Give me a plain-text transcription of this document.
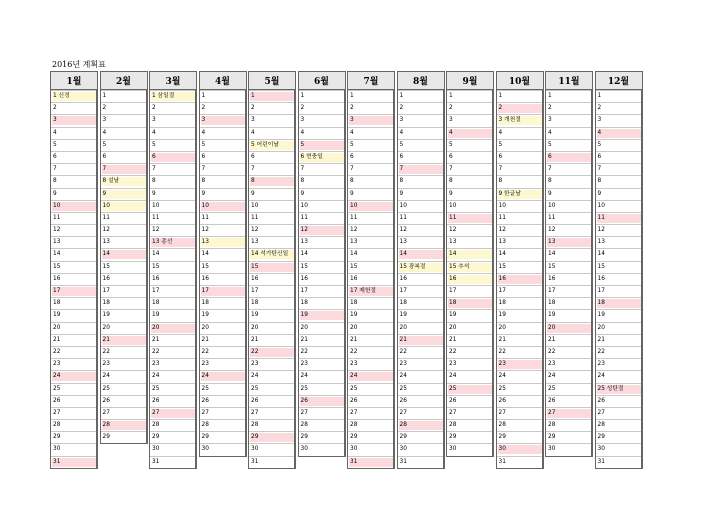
2016년 계획표
1월
1 신정
2
3
4
5
6
7
8
9
10
11
12
13
14
15
16
17
18
19
20
21
22
23
24
25
26
27
28
29
30
31
2월
1
2
3
4
5
6
7
8 설날
9
10
11
12
13
14
15
16
17
18
19
20
21
22
23
24
25
26
27
28
29
3월
1 삼일절
2
3
4
5
6
7
8
9
10
11
12
13 총선
14
15
16
17
18
19
20
21
22
23
24
25
26
27
28
29
30
31
4월
1
2
3
4
5
6
7
8
9
10
11
12
13
14
15
16
17
18
19
20
21
22
23
24
25
26
27
28
29
30
5월
1
2
3
4
5 어린이날
6
7
8
9
10
11
12
13
14 석가탄신일
15
16
17
18
19
20
21
22
23
24
25
26
27
28
29
30
31
6월
1
2
3
4
5
6 현충일
7
8
9
10
11
12
13
14
15
16
17
18
19
20
21
22
23
24
25
26
27
28
29
30
7월
1
2
3
4
5
6
7
8
9
10
11
12
13
14
15
16
17 제헌절
18
19
20
21
22
23
24
25
26
27
28
29
30
31
8월
1
2
3
4
5
6
7
8
9
10
11
12
13
14
15 광복절
16
17
18
19
20
21
22
23
24
25
26
27
28
29
30
31
9월
1
2
3
4
5
6
7
8
9
10
11
12
13
14
15 추석
16
17
18
19
20
21
22
23
24
25
26
27
28
29
30
10월
1
2
3 개천절
4
5
6
7
8
9 한글날
10
11
12
13
14
15
16
17
18
19
20
21
22
23
24
25
26
27
28
29
30
31
11월
1
2
3
4
5
6
7
8
9
10
11
12
13
14
15
16
17
18
19
20
21
22
23
24
25
26
27
28
29
30
12월
1
2
3
4
5
6
7
8
9
10
11
12
13
14
15
16
17
18
19
20
21
22
23
24
25 성탄절
26
27
28
29
30
31
